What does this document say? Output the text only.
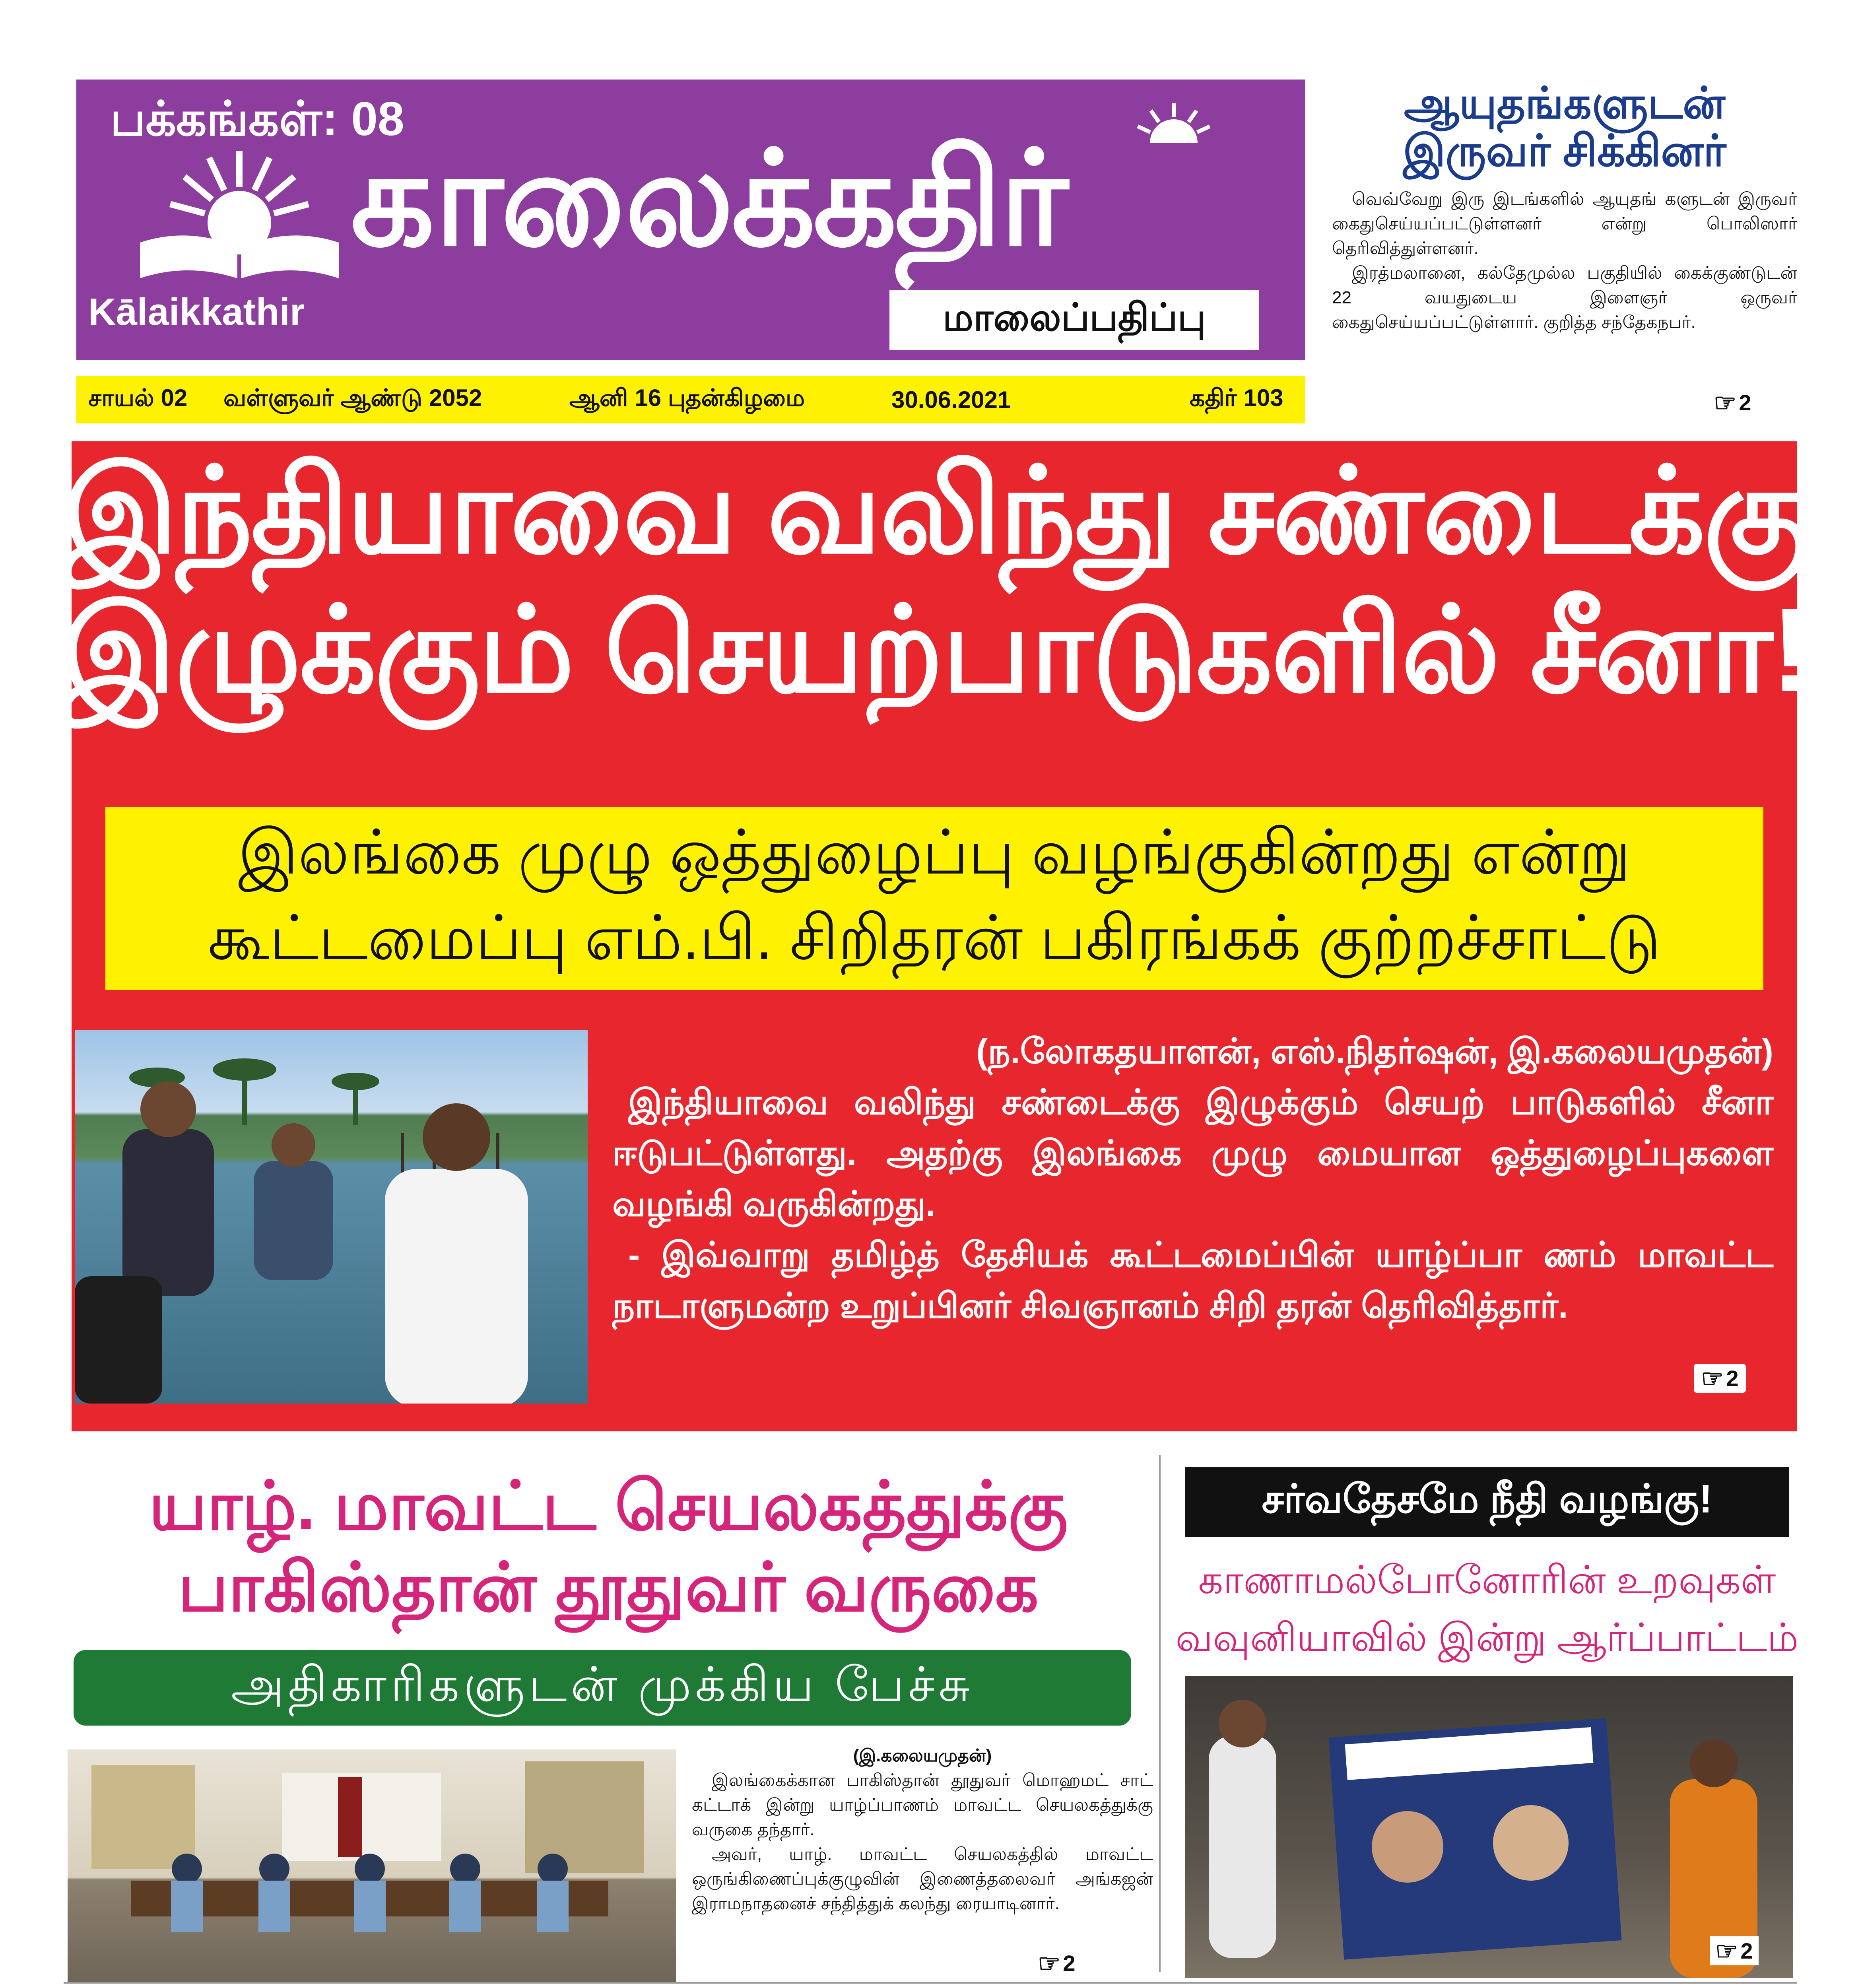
பக்கங்கள்: 08
Kālaikkathir
காலைக்கதிர்
மாலைப்பதிப்பு
சாயல் 02 வள்ளுவர் ஆண்டு 2052	ஆனி 16 புதன்கிழமை	30.06.2021	கதிர் 103
ஆயுதங்களுடன்
இருவர் சிக்கினர்
வெவ்வேறு இரு இடங்களில் ஆயுதங் களுடன் இருவர் கைதுசெய்யப்பட்டுள்ளனர் என்று பொலிஸார் தெரிவித்துள்ளனர்.
இரத்மலானை, கல்தேமுல்ல பகுதியில் கைக்குண்டுடன் 22 வயதுடைய இளைஞர் ஒருவர் கைதுசெய்யப்பட்டுள்ளார். குறித்த சந்தேகநபர்.
☞ 2
இந்தியாவை வலிந்து சண்டைக்கு
இழுக்கும் செயற்பாடுகளில் சீனா!
இலங்கை முழு ஒத்துழைப்பு வழங்குகின்றது என்று
கூட்டமைப்பு எம்.பி. சிறிதரன் பகிரங்கக் குற்றச்சாட்டு
(ந.லோகதயாளன், எஸ்.நிதர்ஷன், இ.கலையமுதன்)
இந்தியாவை வலிந்து சண்டைக்கு இழுக்கும் செயற் பாடுகளில் சீனா ஈடுபட்டுள்ளது. அதற்கு இலங்கை முழு மையான ஒத்துழைப்புகளை வழங்கி வருகின்றது.
- இவ்வாறு தமிழ்த் தேசியக் கூட்டமைப்பின் யாழ்ப்பா ணம் மாவட்ட நாடாளுமன்ற உறுப்பினர் சிவஞானம் சிறி தரன் தெரிவித்தார்.
☞ 2
யாழ். மாவட்ட செயலகத்துக்கு
பாகிஸ்தான் தூதுவர் வருகை
அதிகாரிகளுடன் முக்கிய பேச்சு
(இ.கலையமுதன்)
இலங்கைக்கான பாகிஸ்தான் தூதுவர் மொஹமட் சாட் கட்டாக் இன்று யாழ்ப்பாணம் மாவட்ட செயலகத்துக்கு வருகை தந்தார்.
அவர், யாழ். மாவட்ட செயலகத்தில் மாவட்ட ஒருங்கிணைப்புக்குழுவின் இணைத்தலைவர் அங்கஜன் இராமநாதனைச் சந்தித்துக் கலந்து ரையாடினார்.
☞ 2
சர்வதேசமே நீதி வழங்கு!
காணாமல்போனோரின் உறவுகள்
வவுனியாவில் இன்று ஆர்ப்பாட்டம்
☞ 2
